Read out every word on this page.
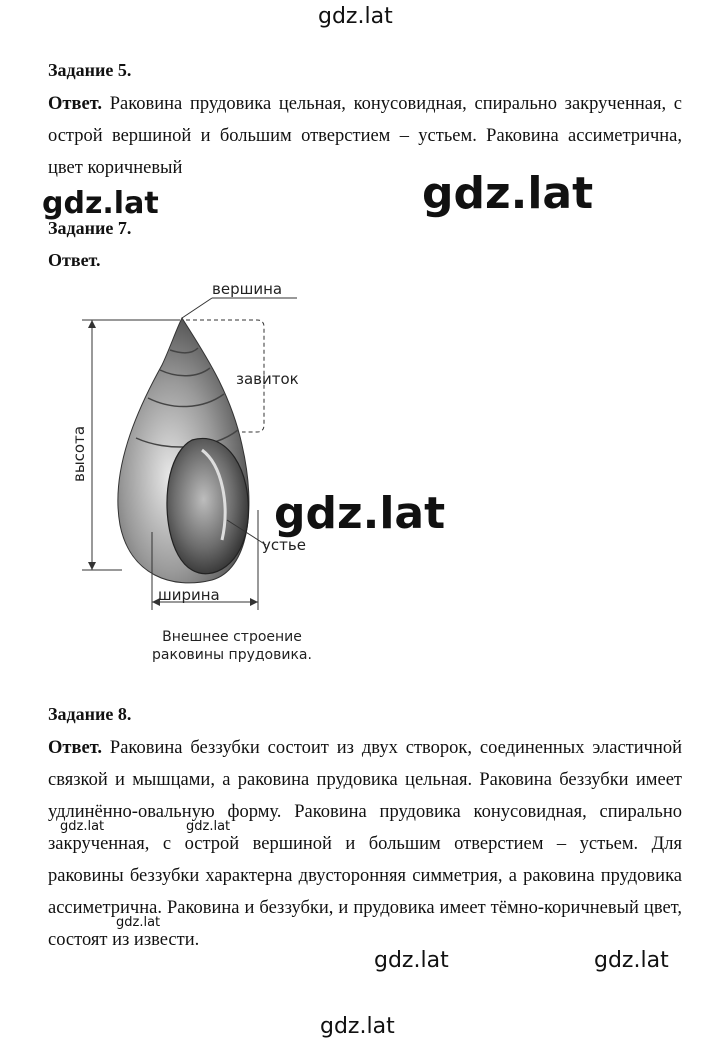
gdz.lat
Задание 5.
Ответ. Раковина прудовика цельная, конусовидная, спирально закрученная, с острой вершиной и большим отверстием – устьем. Раковина ассиметрична, цвет коричневый
gdz.lat	gdz.lat
Задание 7.
Ответ.
вершина
завиток
высота
устье
ширина
Внешнее строение раковины прудовика.
gdz.lat
Задание 8.
Ответ. Раковина беззубки состоит из двух створок, соединенных эластичной связкой и мышцами, а раковина прудовика цельная. Раковина беззубки имеет удлинённо-овальную форму. Раковина прудовика конусовидная, спирально закрученная, с острой вершиной и большим отверстием – устьем. Для раковины беззубки характерна двусторонняя симметрия, а раковина прудовика ассиметрична. Раковина и беззубки, и прудовика имеет тёмно-коричневый цвет, состоят из извести.
gdz.lat	gdz.lat
gdz.lat
gdz.lat	gdz.lat
gdz.lat
